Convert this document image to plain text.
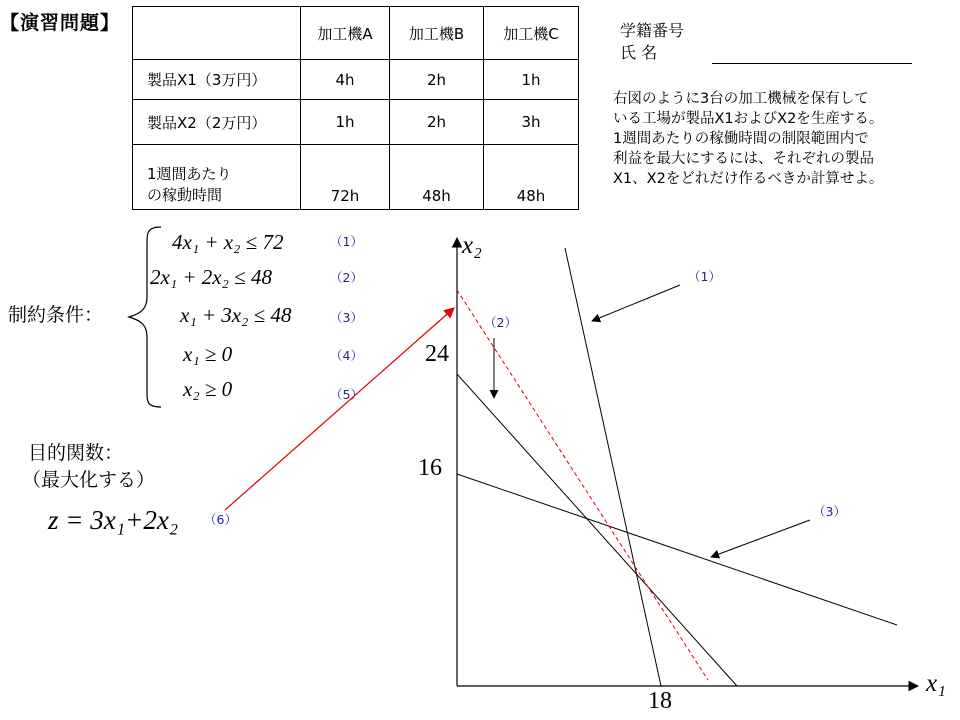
【演習問題】
		加工機A	加工機B	加工機C
製品X1（3万円）	4h	2h	1h
製品X2（2万円）	1h	2h	3h

1週間あたり
の稼動時間	72h	48h	48h
学籍番号
氏 名
右図のように3台の加工機械を保有して
いる工場が製品X1およびX2を生産する。
1週間あたりの稼働時間の制限範囲内で
利益を最大にするには、それぞれの製品
X1、X2をどれだけ作るべきか計算せよ。
制約条件：
4x₁ + x₂ ≤ 72	（1）
2x₁ + 2x₂ ≤ 48	（2）
x₁ + 3x₂ ≤ 48	（3）
x₁ ≥ 0	（4）
x₂ ≥ 0	（5）
目的関数：
（最大化する）
z = 3x₁+2x₂ （6）
x₂
x₁
24
16
18
（1）
（2）
（3）
